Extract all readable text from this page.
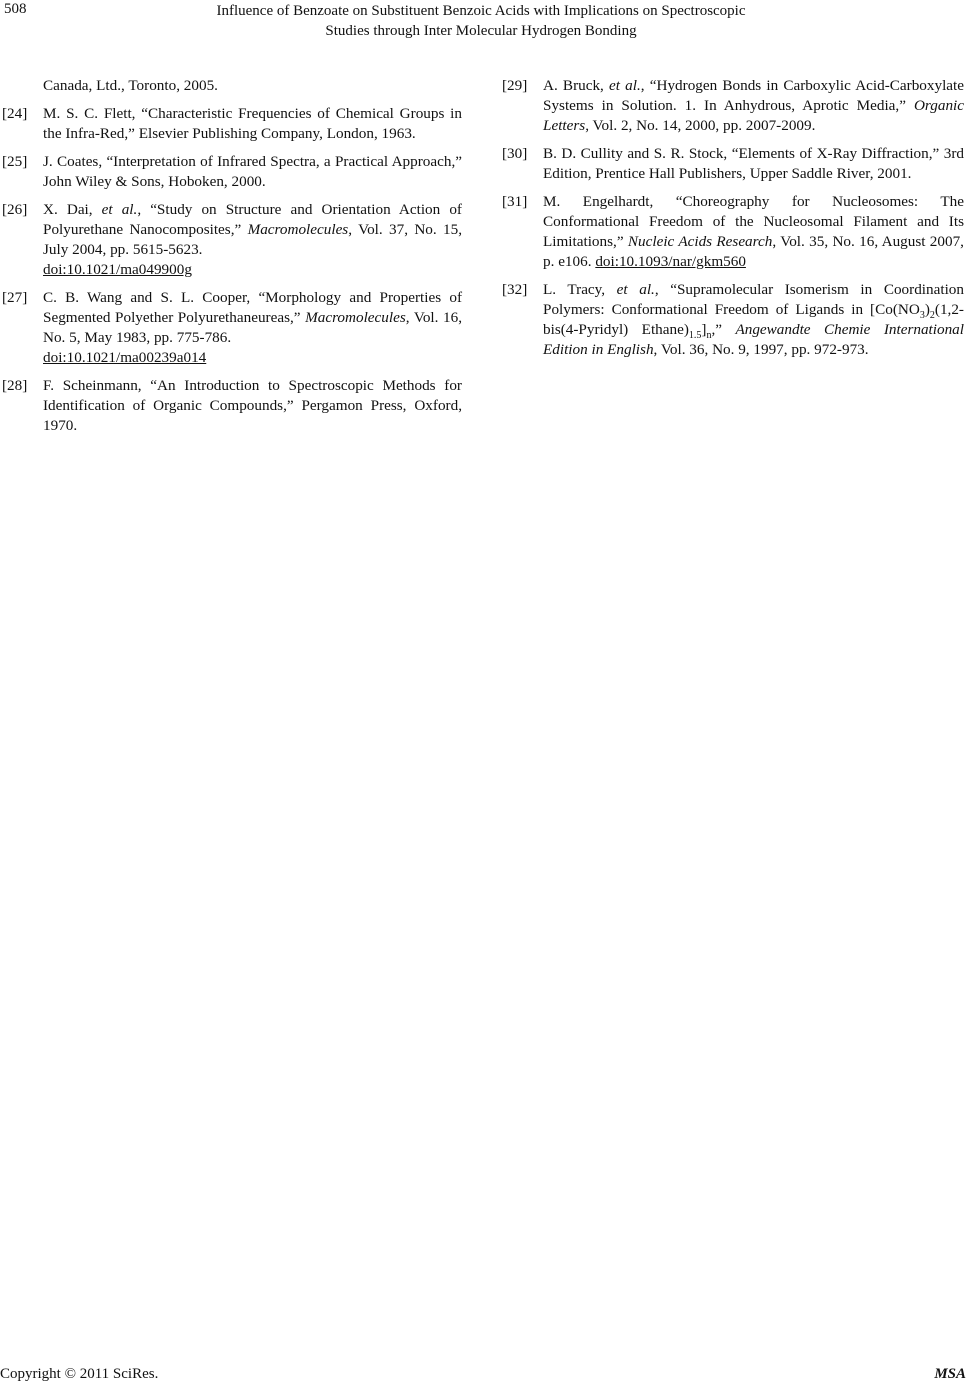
508	Influence of Benzoate on Substituent Benzoic Acids with Implications on Spectroscopic
Studies through Inter Molecular Hydrogen Bonding
Canada, Ltd., Toronto, 2005.
[24]	M. S. C. Flett, “Characteristic Frequencies of Chemical Groups in the Infra-Red,” Elsevier Publishing Company, London, 1963.
[25]	J. Coates, “Interpretation of Infrared Spectra, a Practical Approach,” John Wiley & Sons, Hoboken, 2000.
[26]	X. Dai, et al., “Study on Structure and Orientation Action of Polyurethane Nanocomposites,” Macromolecules, Vol. 37, No. 15, July 2004, pp. 5615-5623.
doi:10.1021/ma049900g
[27]	C. B. Wang and S. L. Cooper, “Morphology and Properties of Segmented Polyether Polyurethaneureas,” Macromolecules, Vol. 16, No. 5, May 1983, pp. 775-786.
doi:10.1021/ma00239a014
[28]	F. Scheinmann, “An Introduction to Spectroscopic Methods for Identification of Organic Compounds,” Pergamon Press, Oxford, 1970.
[29]	A. Bruck, et al., “Hydrogen Bonds in Carboxylic Acid-Carboxylate Systems in Solution. 1. In Anhydrous, Aprotic Media,” Organic Letters, Vol. 2, No. 14, 2000, pp. 2007-2009.
[30]	B. D. Cullity and S. R. Stock, “Elements of X-Ray Diffraction,” 3rd Edition, Prentice Hall Publishers, Upper Saddle River, 2001.
[31]	M. Engelhardt, “Choreography for Nucleosomes: The Conformational Freedom of the Nucleosomal Filament and Its Limitations,” Nucleic Acids Research, Vol. 35, No. 16, August 2007, p. e106. doi:10.1093/nar/gkm560
[32]	L. Tracy, et al., “Supramolecular Isomerism in Coordination Polymers: Conformational Freedom of Ligands in [$Co(NO_3)_2(1,2-bis(4-Pyridyl)$ $Ethane)_{1.5}]_n$,” Angewandte Chemie International Edition in English, Vol. 36, No. 9, 1997, pp. 972-973.
Copyright © 2011 SciRes.	MSA
